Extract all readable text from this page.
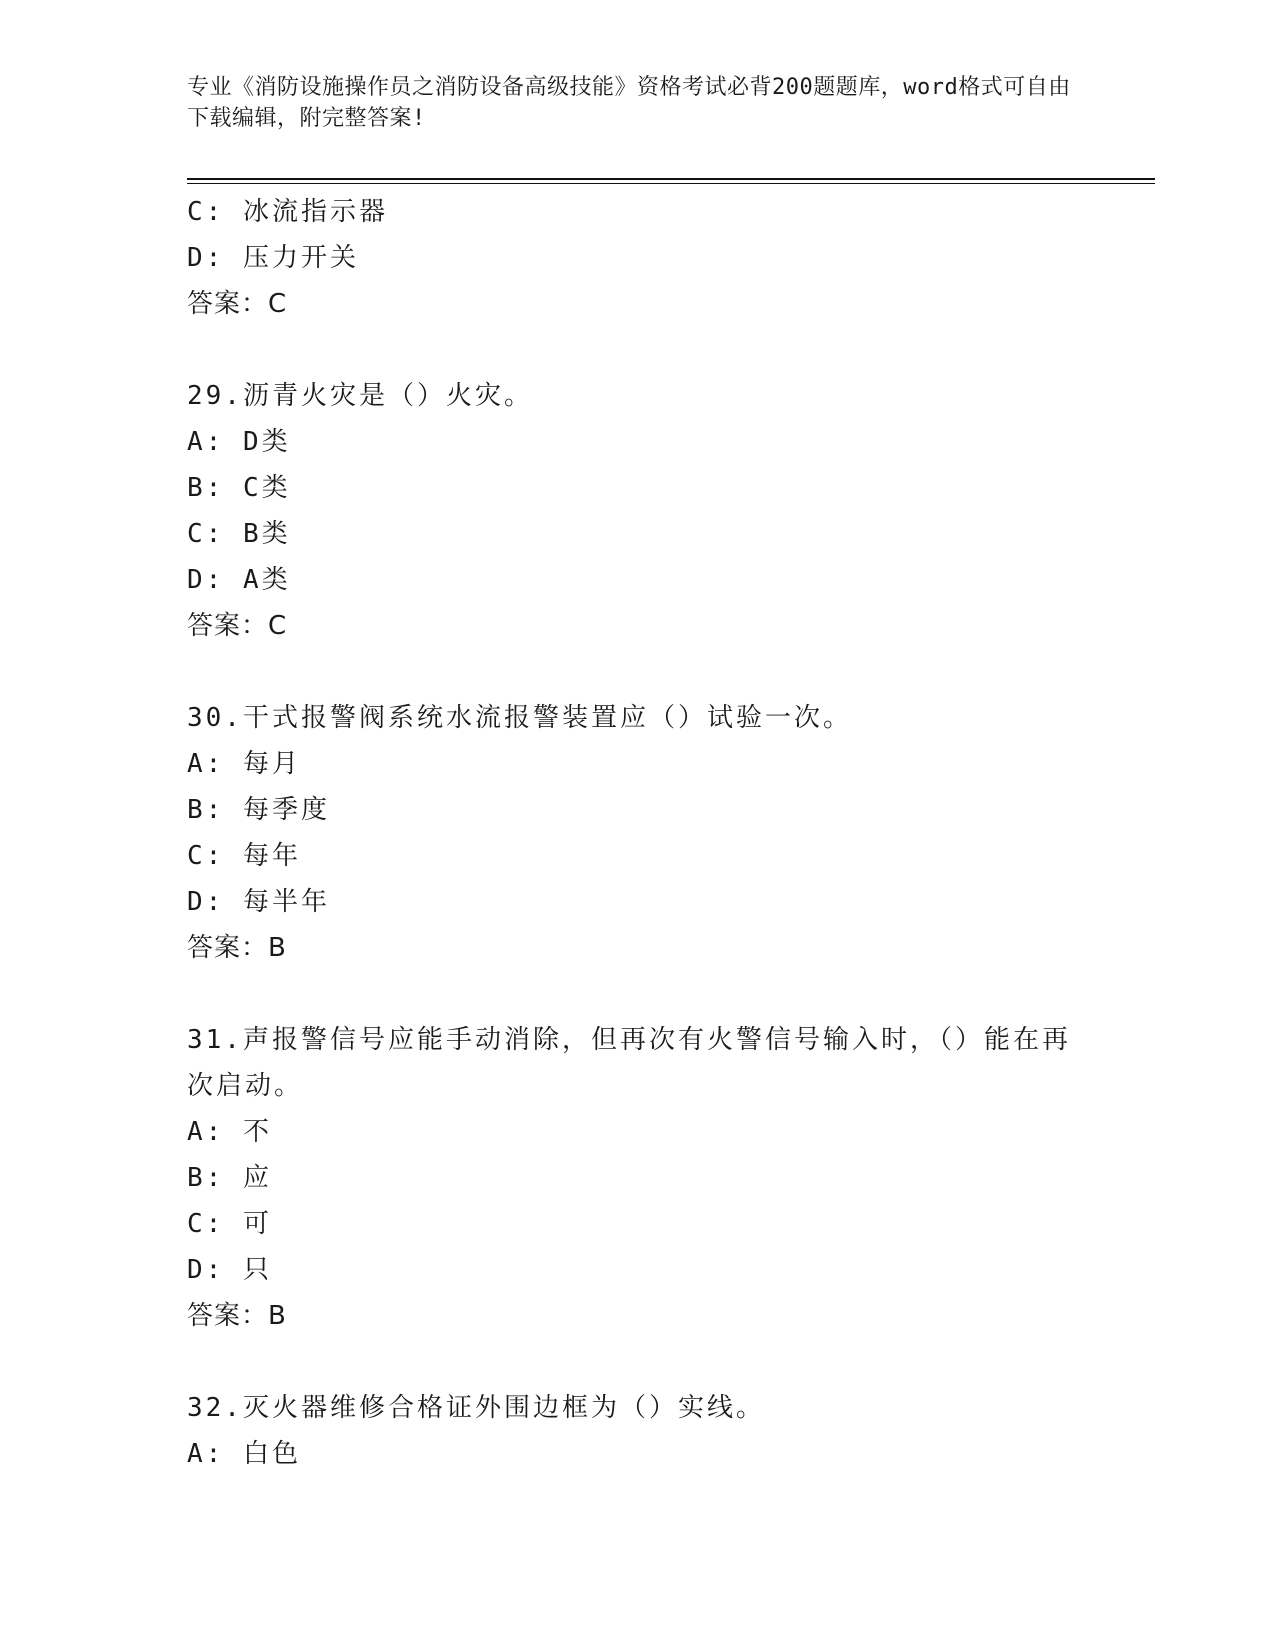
专业《消防设施操作员之消防设备高级技能》资格考试必背200题题库，word格式可自由下载编辑，附完整答案!
C: 冰流指示器
D: 压力开关
答案：C
29.沥青火灾是（）火灾。
A: D类
B: C类
C: B类
D: A类
答案：C
30.干式报警阀系统水流报警装置应（）试验一次。
A: 每月
B: 每季度
C: 每年
D: 每半年
答案：B
31.声报警信号应能手动消除，但再次有火警信号输入时，（）能在再次启动。
A: 不
B: 应
C: 可
D: 只
答案：B
32.灭火器维修合格证外围边框为（）实线。
A: 白色
